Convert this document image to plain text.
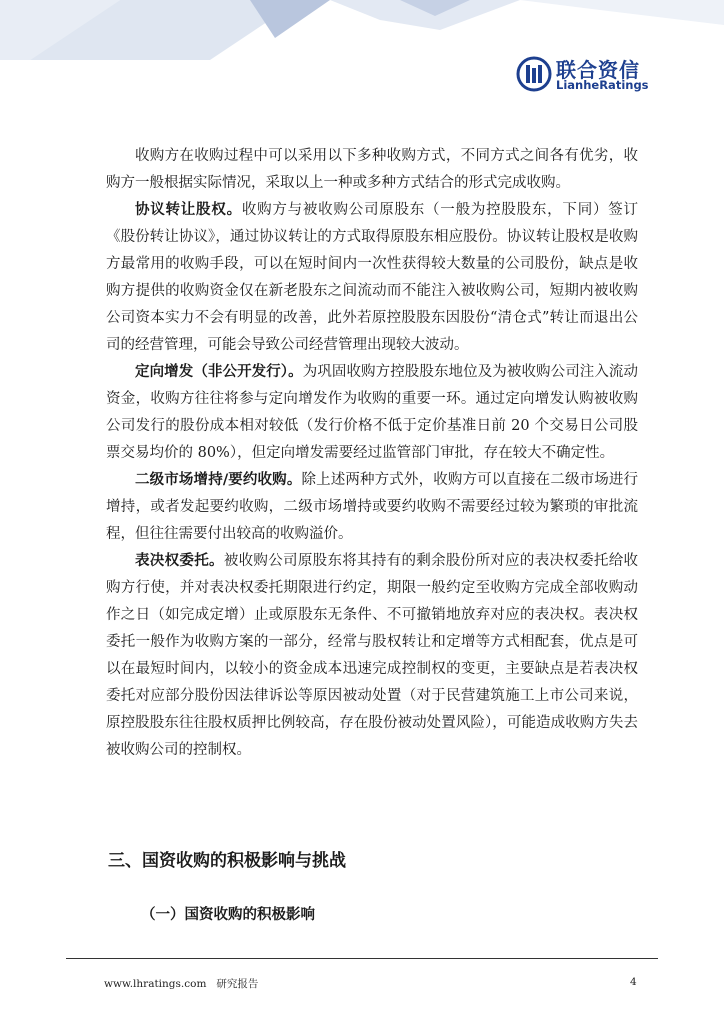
联合资信
LianheRatings

收购方在收购过程中可以采用以下多种收购方式，不同方式之间各有优劣，收购方一般根据实际情况，采取以上一种或多种方式结合的形式完成收购。

协议转让股权。收购方与被收购公司原股东（一般为控股股东，下同）签订《股份转让协议》，通过协议转让的方式取得原股东相应股份。协议转让股权是收购方最常用的收购手段，可以在短时间内一次性获得较大数量的公司股份，缺点是收购方提供的收购资金仅在新老股东之间流动而不能注入被收购公司，短期内被收购公司资本实力不会有明显的改善，此外若原控股股东因股份“清仓式”转让而退出公司的经营管理，可能会导致公司经营管理出现较大波动。

定向增发（非公开发行）。为巩固收购方控股股东地位及为被收购公司注入流动资金，收购方往往将参与定向增发作为收购的重要一环。通过定向增发认购被收购公司发行的股份成本相对较低（发行价格不低于定价基准日前 20 个交易日公司股票交易均价的 80%），但定向增发需要经过监管部门审批，存在较大不确定性。

二级市场增持/要约收购。除上述两种方式外，收购方可以直接在二级市场进行增持，或者发起要约收购，二级市场增持或要约收购不需要经过较为繁琐的审批流程，但往往需要付出较高的收购溢价。

表决权委托。被收购公司原股东将其持有的剩余股份所对应的表决权委托给收购方行使，并对表决权委托期限进行约定，期限一般约定至收购方完成全部收购动作之日（如完成定增）止或原股东无条件、不可撤销地放弃对应的表决权。表决权委托一般作为收购方案的一部分，经常与股权转让和定增等方式相配套，优点是可以在最短时间内，以较小的资金成本迅速完成控制权的变更，主要缺点是若表决权委托对应部分股份因法律诉讼等原因被动处置（对于民营建筑施工上市公司来说，原控股股东往往股权质押比例较高，存在股份被动处置风险），可能造成收购方失去被收购公司的控制权。

三、国资收购的积极影响与挑战
（一）国资收购的积极影响
www.lhratings.com 研究报告	4
